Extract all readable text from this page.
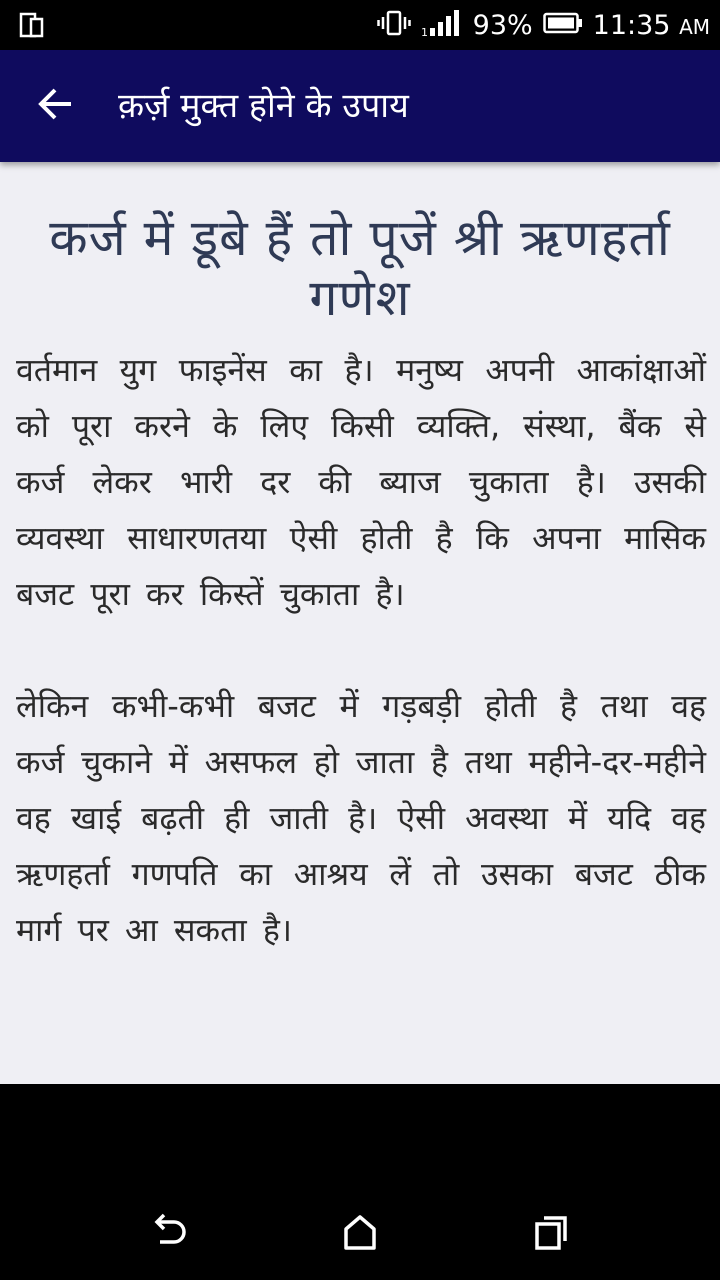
1 93% 11:35 AM
क़र्ज़ मुक्त होने के उपाय
कर्ज में डूबे हैं तो पूजें श्री ऋणहर्ता गणेश

वर्तमान युग फाइनेंस का है। मनुष्य अपनी आकांक्षाओं को पूरा करने के लिए किसी व्यक्ति, संस्था, बैंक से कर्ज लेकर भारी दर की ब्याज चुकाता है। उसकी व्यवस्था साधारणतया ऐसी होती है कि अपना मासिक बजट पूरा कर किस्तें चुकाता है।

लेकिन कभी-कभी बजट में गड़बड़ी होती है तथा वह कर्ज चुकाने में असफल हो जाता है तथा महीने-दर-महीने वह खाई बढ़ती ही जाती है। ऐसी अवस्था में यदि वह ऋणहर्ता गणपति का आश्रय लें तो उसका बजट ठीक मार्ग पर आ सकता है।
